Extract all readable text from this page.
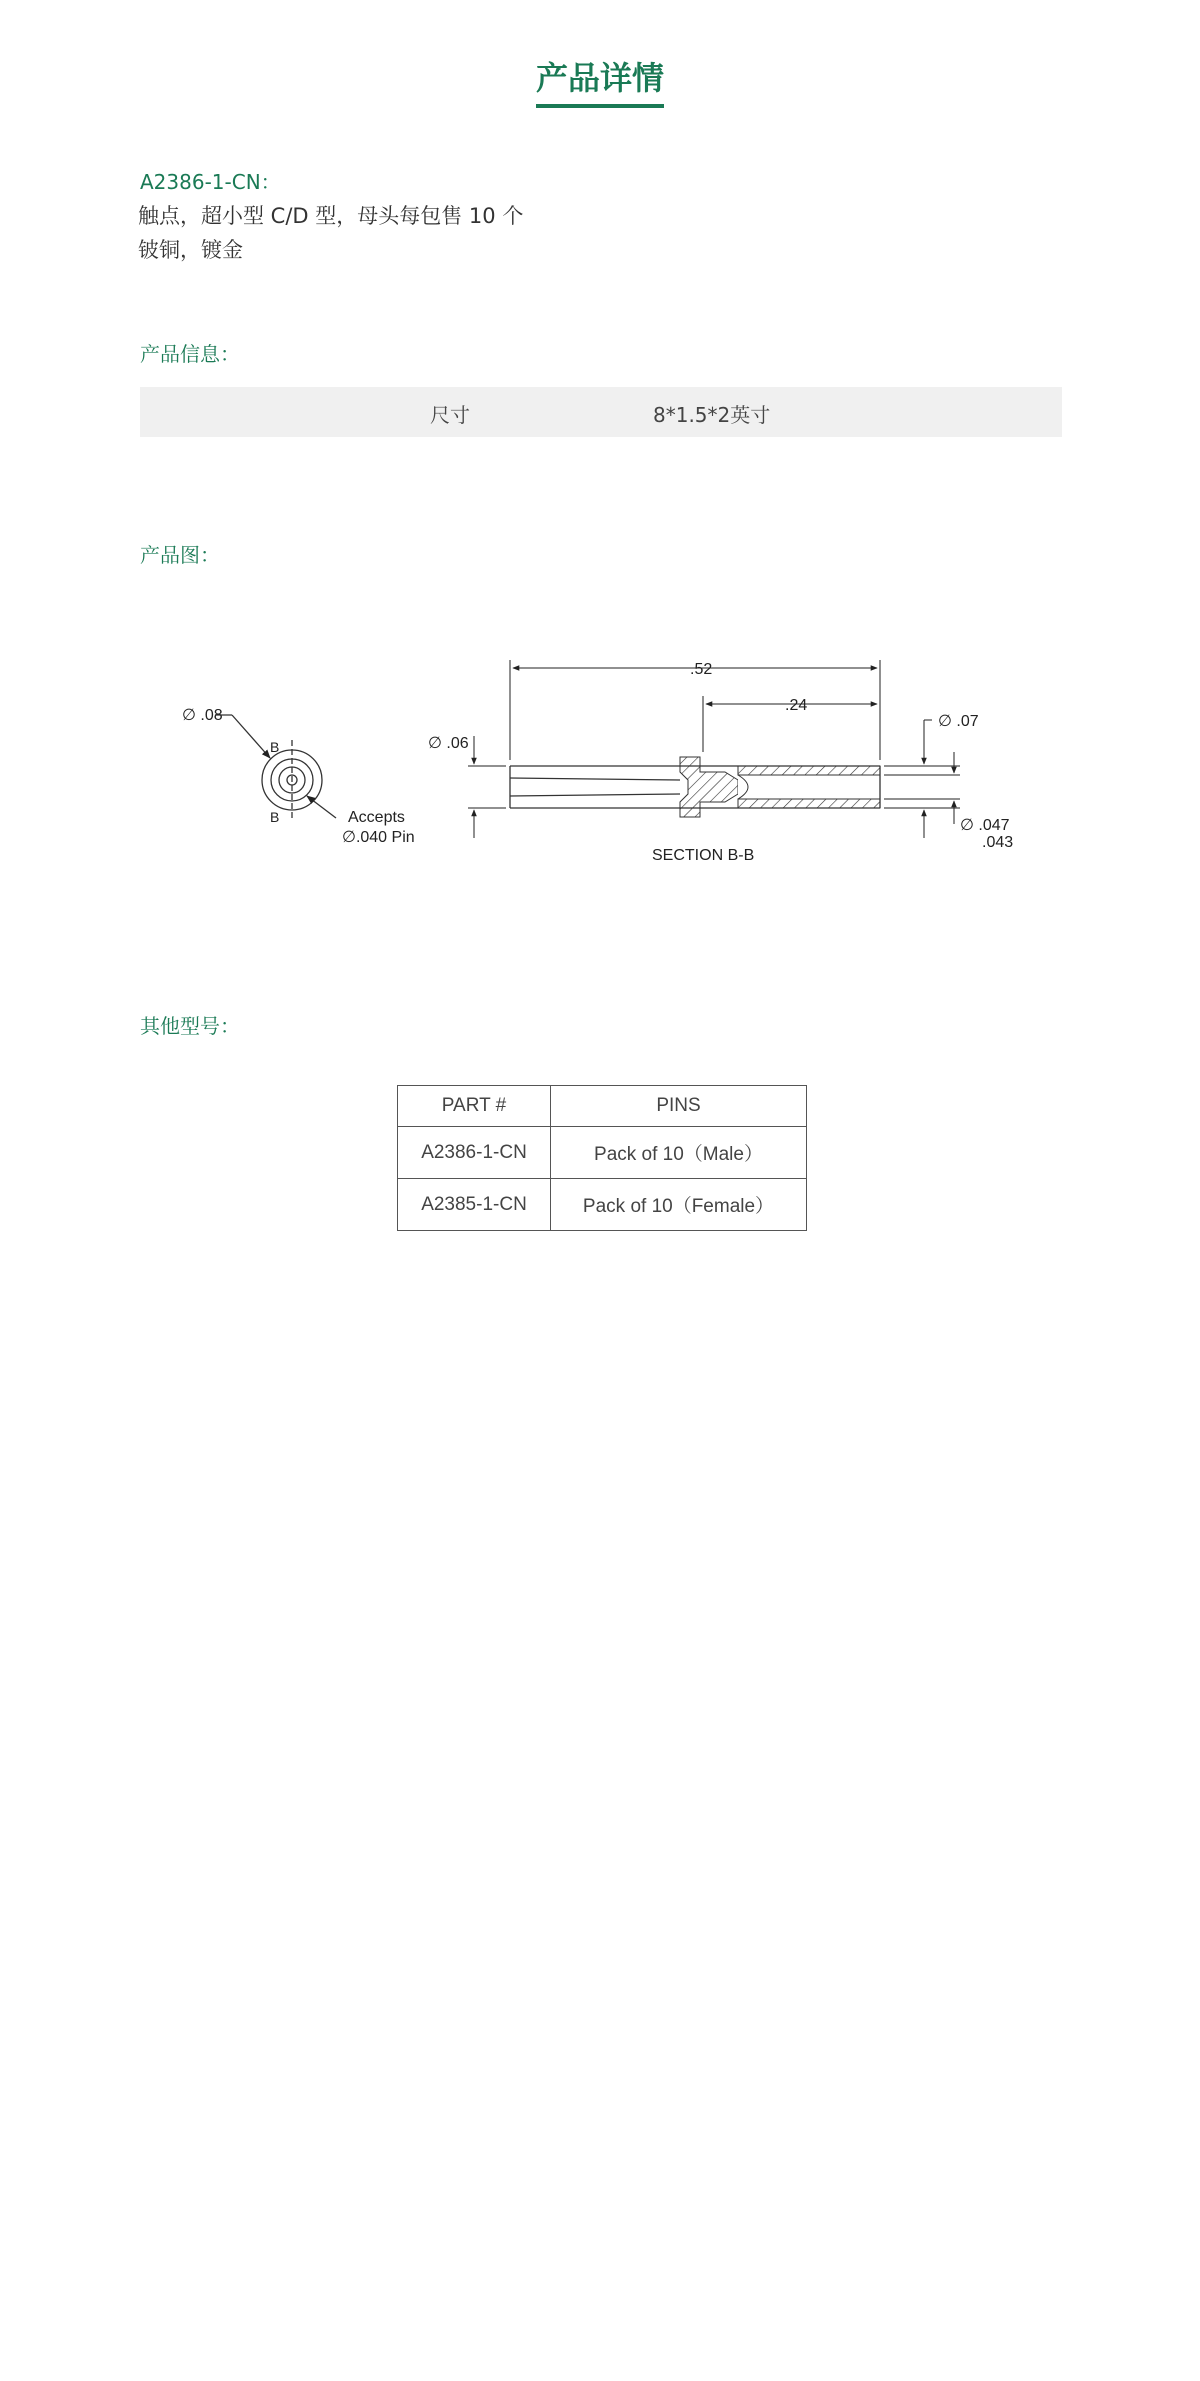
产品详情
A2386-1-CN：
触点，超小型 C/D 型，母头每包售 10 个
铍铜，镀金
产品信息：
尺寸	8*1.5*2英寸
产品图：
∅ .08
B
B	Accepts
∅.040 Pin
.52
.24
∅ .06
∅ .07
∅ .047
.043
SECTION B-B
其他型号：
PART #	PINS
A2386-1-CN	Pack of 10（Male）
A2385-1-CN	Pack of 10（Female）
